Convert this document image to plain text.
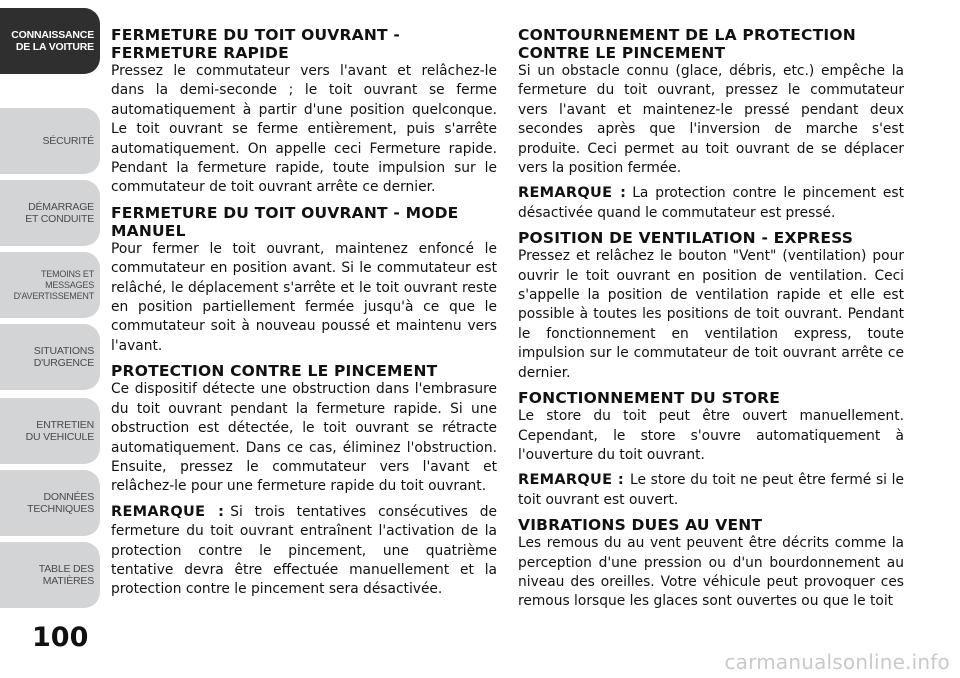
CONNAISSANCE
DE LA VOITURE
SÉCURITÉ
DÉMARRAGE
ET CONDUITE
TEMOINS ET
MESSAGES
D'AVERTISSEMENT
SITUATIONS
D'URGENCE
ENTRETIEN
DU VEHICULE
DONNÉES
TECHNIQUES
TABLE DES
MATIÈRES
100
FERMETURE DU TOIT OUVRANT - FERMETURE RAPIDE

Pressez le commutateur vers l'avant et relâchez-le dans la demi-seconde ; le toit ouvrant se ferme automatiquement à partir d'une position quelconque. Le toit ouvrant se ferme entièrement, puis s'arrête automatiquement. On appelle ceci Fermeture rapide. Pendant la fermeture rapide, toute impulsion sur le commutateur de toit ouvrant arrête ce dernier.

FERMETURE DU TOIT OUVRANT - MODE MANUEL

Pour fermer le toit ouvrant, maintenez enfoncé le commutateur en position avant. Si le commutateur est relâché, le déplacement s'arrête et le toit ouvrant reste en position partiellement fermée jusqu'à ce que le commutateur soit à nouveau poussé et maintenu vers l'avant.

PROTECTION CONTRE LE PINCEMENT

Ce dispositif détecte une obstruction dans l'embrasure du toit ouvrant pendant la fermeture rapide. Si une obstruction est détectée, le toit ouvrant se rétracte automatiquement. Dans ce cas, éliminez l'obstruction. Ensuite, pressez le commutateur vers l'avant et relâchez-le pour une fermeture rapide du toit ouvrant.

REMARQUE : Si trois tentatives consécutives de fermeture du toit ouvrant entraînent l'activation de la protection contre le pincement, une quatrième tentative devra être effectuée manuellement et la protection contre le pincement sera désactivée.

CONTOURNEMENT DE LA PROTECTION CONTRE LE PINCEMENT

Si un obstacle connu (glace, débris, etc.) empêche la fermeture du toit ouvrant, pressez le commutateur vers l'avant et maintenez-le pressé pendant deux secondes après que l'inversion de marche s'est produite. Ceci permet au toit ouvrant de se déplacer vers la position fermée.

REMARQUE : La protection contre le pincement est désactivée quand le commutateur est pressé.

POSITION DE VENTILATION - EXPRESS

Pressez et relâchez le bouton "Vent" (ventilation) pour ouvrir le toit ouvrant en position de ventilation. Ceci s'appelle la position de ventilation rapide et elle est possible à toutes les positions de toit ouvrant. Pendant le fonctionnement en ventilation express, toute impulsion sur le commutateur de toit ouvrant arrête ce dernier.

FONCTIONNEMENT DU STORE

Le store du toit peut être ouvert manuellement. Cependant, le store s'ouvre automatiquement à l'ouverture du toit ouvrant.

REMARQUE : Le store du toit ne peut être fermé si le toit ouvrant est ouvert.

VIBRATIONS DUES AU VENT

Les remous du au vent peuvent être décrits comme la perception d'une pression ou d'un bourdonnement au niveau des oreilles. Votre véhicule peut provoquer ces remous lorsque les glaces sont ouvertes ou que le toit

carmanualsonline.info
